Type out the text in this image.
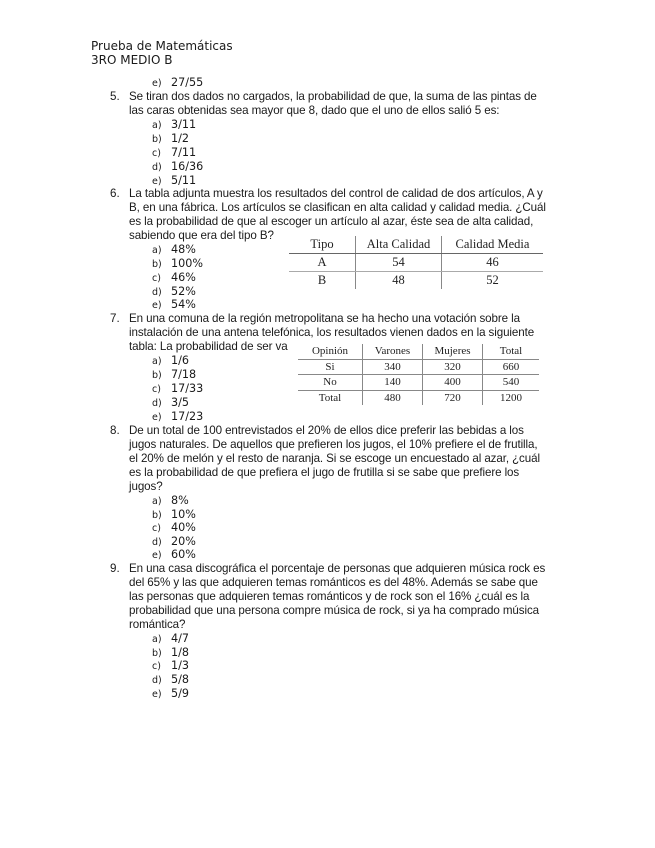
Prueba de Matemáticas
3RO MEDIO B
e) 27/55
5. Se tiran dos dados no cargados, la probabilidad de que, la suma de las pintas de
las caras obtenidas sea mayor que 8, dado que el uno de ellos salió 5 es:
a) 3/11
b) 1/2
c) 7/11
d) 16/36
e) 5/11
6. La tabla adjunta muestra los resultados del control de calidad de dos artículos, A y
B, en una fábrica. Los artículos se clasifican en alta calidad y calidad media. ¿Cuál
es la probabilidad de que al escoger un artículo al azar, éste sea de alta calidad,
sabiendo que era del tipo B?
a) 48%
b) 100%
c) 46%
d) 52%
e) 54%
Tipo	Alta Calidad	Calidad Media
A	54	46
B	48	52
7. En una comuna de la región metropolitana se ha hecho una votación sobre la
instalación de una antena telefónica, los resultados vienen dados en la siguiente
tabla: La probabilidad de ser va
a) 1/6
b) 7/18
c) 17/33
d) 3/5
e) 17/23
Opinión	Varones	Mujeres	Total
Si	340	320	660
No	140	400	540
Total	480	720	1200
8. De un total de 100 entrevistados el 20% de ellos dice preferir las bebidas a los
jugos naturales. De aquellos que prefieren los jugos, el 10% prefiere el de frutilla,
el 20% de melón y el resto de naranja. Si se escoge un encuestado al azar, ¿cuál
es la probabilidad de que prefiera el jugo de frutilla si se sabe que prefiere los
jugos?
a) 8%
b) 10%
c) 40%
d) 20%
e) 60%
9. En una casa discográfica el porcentaje de personas que adquieren música rock es
del 65% y las que adquieren temas románticos es del 48%. Además se sabe que
las personas que adquieren temas románticos y de rock son el 16% ¿cuál es la
probabilidad que una persona compre música de rock, si ya ha comprado música
romántica?
a) 4/7
b) 1/8
c) 1/3
d) 5/8
e) 5/9
